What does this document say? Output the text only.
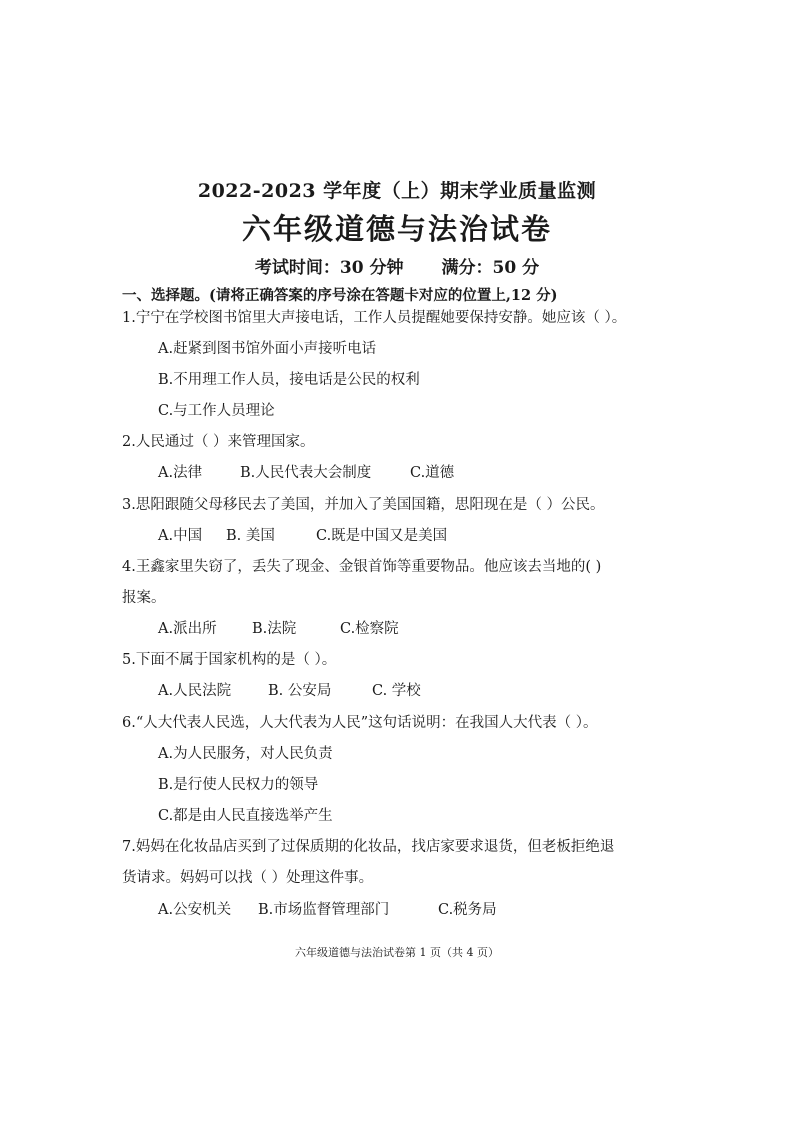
2022-2023 学年度（上）期末学业质量监测
六年级道德与法治试卷
考试时间：30 分钟 满分：50 分
一、选择题。(请将正确答案的序号涂在答题卡对应的位置上,12 分)
1.宁宁在学校图书馆里大声接电话，工作人员提醒她要保持安静。她应该（ ）。
A.赶紧到图书馆外面小声接听电话
B.不用理工作人员，接电话是公民的权利
C.与工作人员理论
2.人民通过（ ）来管理国家。
A.法律	B.人民代表大会制度	C.道德
3.思阳跟随父母移民去了美国，并加入了美国国籍，思阳现在是（ ）公民。
A.中国 B. 美国	C.既是中国又是美国
4.王鑫家里失窃了，丢失了现金、金银首饰等重要物品。他应该去当地的( )
报案。
A.派出所 B.法院	C.检察院
5.下面不属于国家机构的是（ ）。
A.人民法院	B. 公安局	C. 学校
6.“人大代表人民选，人大代表为人民”这句话说明：在我国人大代表（ ）。
A.为人民服务，对人民负责
B.是行使人民权力的领导
C.都是由人民直接选举产生
7.妈妈在化妆品店买到了过保质期的化妆品，找店家要求退货，但老板拒绝退
货请求。妈妈可以找（ ）处理这件事。
A.公安机关 B.市场监督管理部门	C.税务局
六年级道德与法治试卷第 1 页（共 4 页）
